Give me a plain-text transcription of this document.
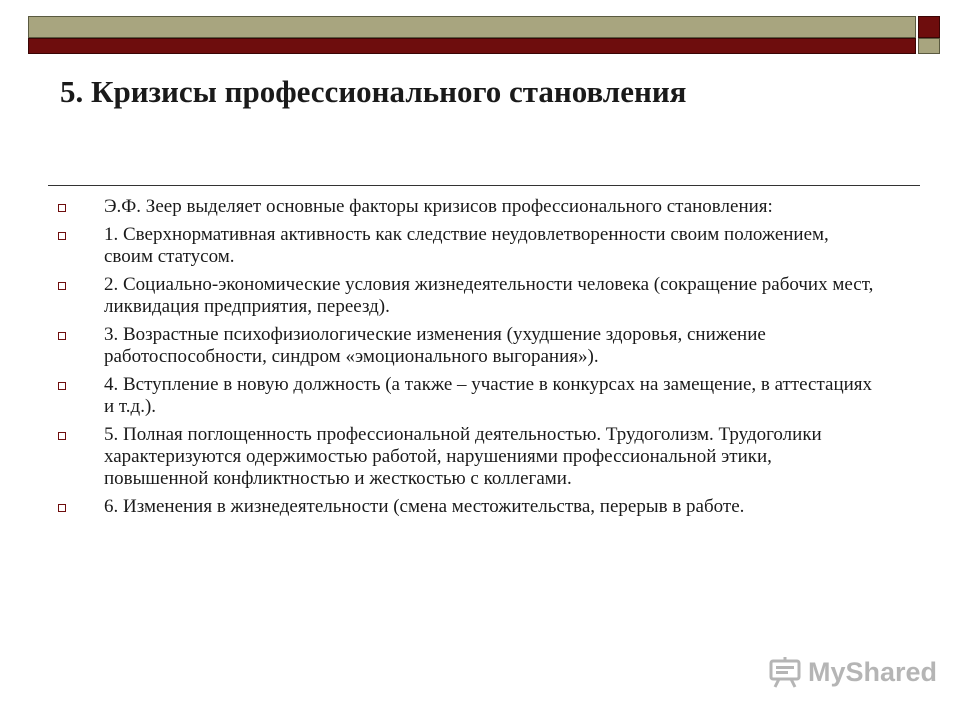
5. Кризисы профессионального становления
Э.Ф. Зеер выделяет основные факторы кризисов профессионального становления:
1. Сверхнормативная активность как следствие неудовлетворенности своим положением, своим статусом.
2. Социально-экономические условия жизнедеятельности человека (сокращение рабочих мест, ликвидация предприятия, переезд).
3. Возрастные психофизиологические изменения (ухудшение здоровья, снижение работоспособности, синдром «эмоционального выгорания»).
4. Вступление в новую должность (а также – участие в конкурсах на замещение, в аттестациях и т.д.).
5. Полная поглощенность профессиональной деятельностью. Трудоголизм. Трудоголики характеризуются одержимостью работой, нарушениями профессиональной этики, повышенной конфликтностью и жесткостью с коллегами.
6. Изменения в жизнедеятельности (смена местожительства, перерыв в работе.
MyShared
